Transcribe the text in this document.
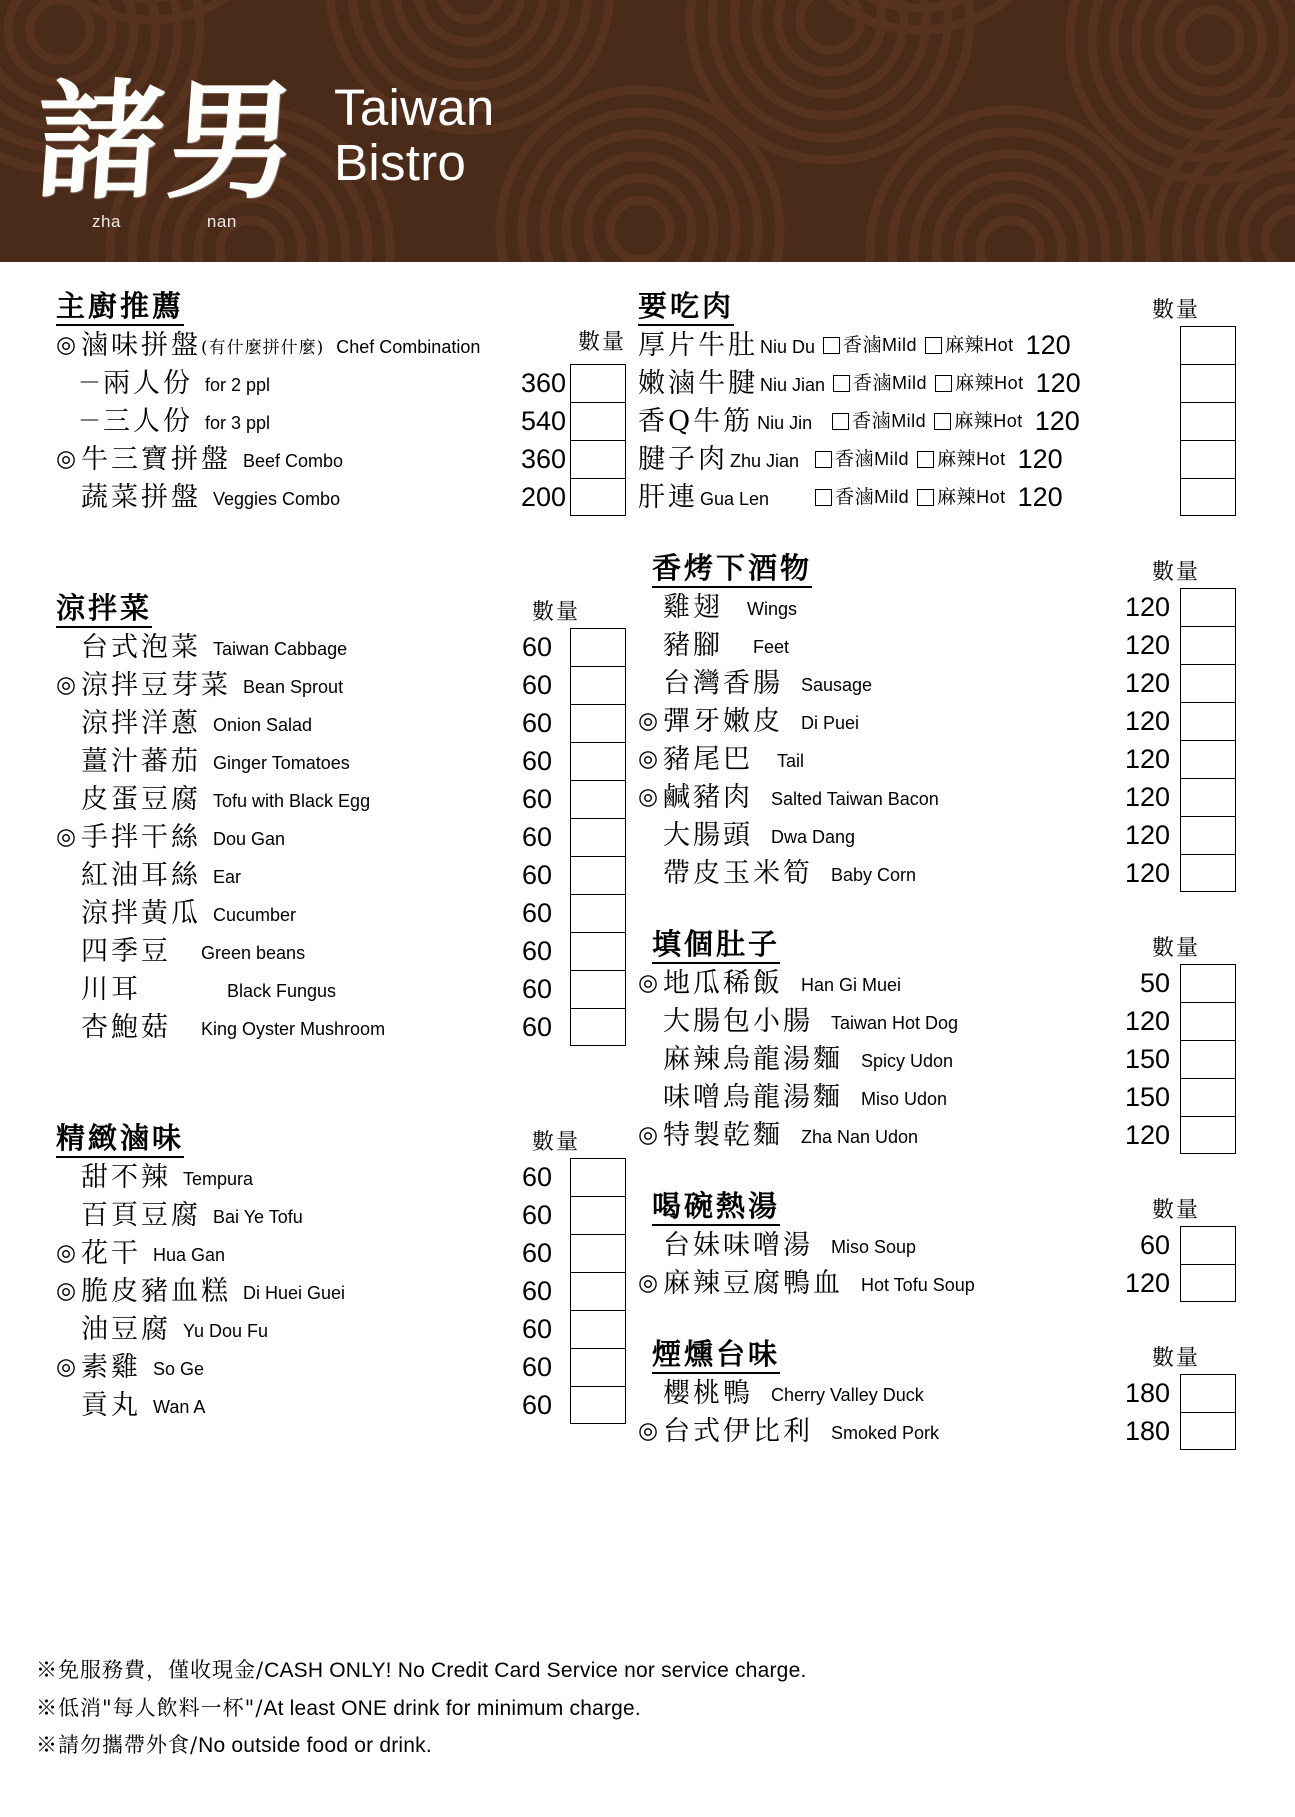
諸
男
zha	nan
Taiwan
Bistro
主廚推薦
◎ 滷味拼盤 (有什麼拼什麼) Chef Combination	數量
－ 兩人份 for 2 ppl	360
－ 三人份 for 3 ppl	540
◎ 牛三寶拼盤 Beef Combo	360
蔬菜拼盤 Veggies Combo	200
涼拌菜	數量
台式泡菜 Taiwan Cabbage	60
◎ 涼拌豆芽菜 Bean Sprout	60
涼拌洋蔥 Onion Salad	60
薑汁蕃茄 Ginger Tomatoes	60
皮蛋豆腐 Tofu with Black Egg	60
◎ 手拌干絲 Dou Gan	60
紅油耳絲 Ear	60
涼拌黃瓜 Cucumber	60
四季豆 Green beans	60
川耳	Black Fungus	60
杏鮑菇 King Oyster Mushroom	60
精緻滷味	數量
甜不辣 Tempura	60
百頁豆腐 Bai Ye Tofu	60
◎ 花干 Hua Gan	60
◎ 脆皮豬血糕 Di Huei Guei	60
油豆腐 Yu Dou Fu	60
◎ 素雞 So Ge	60
貢丸 Wan A	60
要吃肉	數量
厚片牛肚 Niu Du 香滷Mild 麻辣Hot 120
嫩滷牛腱 Niu Jian 香滷Mild 麻辣Hot 120
香Q牛筋 Niu Jin 香滷Mild 麻辣Hot 120
腱子肉 Zhu Jian 香滷Mild 麻辣Hot 120
肝連 Gua Len	香滷Mild 麻辣Hot 120
香烤下酒物	數量
雞翅 Wings	120
豬腳 Feet	120
台灣香腸 Sausage	120
◎ 彈牙嫩皮 Di Puei	120
◎ 豬尾巴 Tail	120
◎ 鹹豬肉 Salted Taiwan Bacon	120
大腸頭 Dwa Dang	120
帶皮玉米筍 Baby Corn	120
填個肚子	數量
◎ 地瓜稀飯 Han Gi Muei	50
大腸包小腸 Taiwan Hot Dog	120
麻辣烏龍湯麵 Spicy Udon	150
味噌烏龍湯麵 Miso Udon	150
◎ 特製乾麵 Zha Nan Udon	120
喝碗熱湯	數量
台妹味噌湯 Miso Soup	60
◎ 麻辣豆腐鴨血 Hot Tofu Soup	120
煙燻台味	數量
櫻桃鴨 Cherry Valley Duck	180
◎ 台式伊比利 Smoked Pork	180
※免服務費，僅收現金/CASH ONLY! No Credit Card Service nor service charge.
※低消"每人飲料一杯"/At least ONE drink for minimum charge.
※請勿攜帶外食/No outside food or drink.
